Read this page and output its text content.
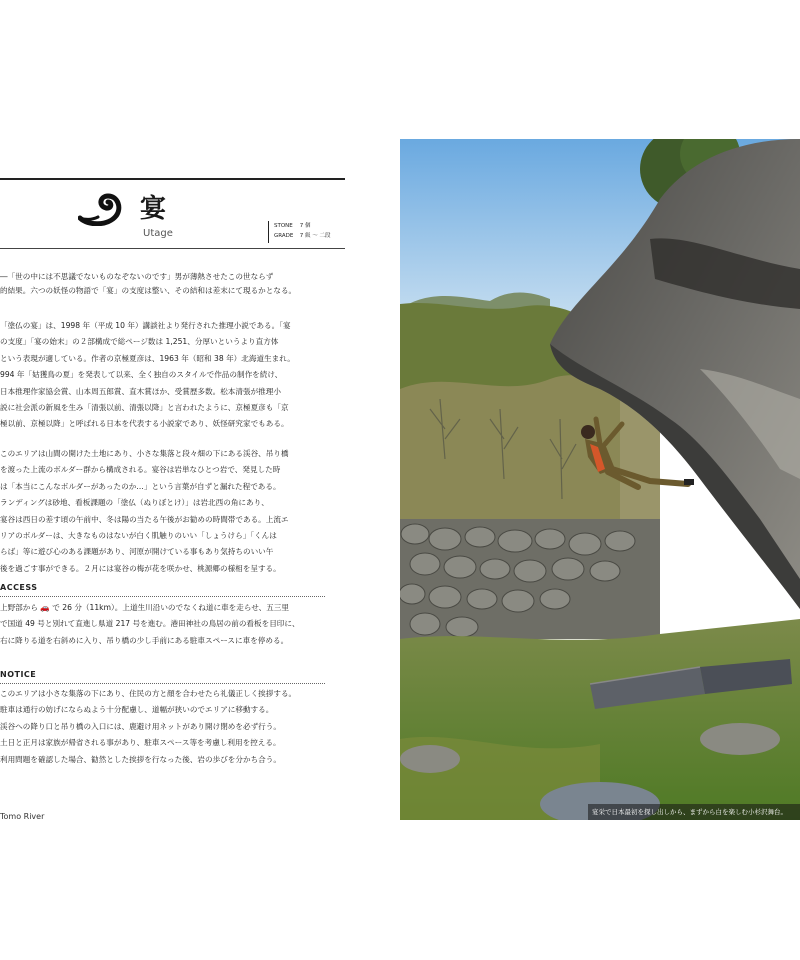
宴
Utage
STONE 7 個
GRADE 7 級 ～ 二段

―「世の中には不思議でないものなぞないのです」男が薄熱させたこの世ならず

的結果。六つの妖怪の物語で「宴」の支度は整い、その結和は差末にて現るかとなる。

「塗仏の宴」は、1998 年（平成 10 年）講談社より発行された推理小説である。「宴

の支度」「宴の始末」の２部構成で総ページ数は 1,251、分厚いというより直方体

という表現が適している。作者の京極夏彦は、1963 年（昭和 38 年）北海道生まれ。

994 年「姑獲鳥の夏」を発表して以来、全く独自のスタイルで作品の制作を続け、

日本推理作家協会賞、山本周五郎賞、直木賞ほか、受賞歴多数。松本清張が推理小

説に社会派の新風を生み「清張以前、清張以降」と言われたように、京極夏彦も「京

極以前、京極以降」と呼ばれる日本を代表する小説家であり、妖怪研究家でもある。

このエリアは山間の開けた土地にあり、小さな集落と段々畑の下にある渓谷、吊り橋

を渡った上流のボルダー群から構成される。宴谷は岩単なひとつ岩で、発見した時

は「本当にこんなボルダーがあったのか…」という言葉が自ずと漏れた程である。

ランディングは砂地、看板課題の「塗仏（ぬりぼとけ）」は岩北西の角にあり、

宴谷は西日の差す頃の午前中、冬は陽の当たる午後がお勧めの時間帯である。上流エ

リアのボルダーは、大きなものはないが白く肌触りのいい「しょうけら」「くんは

らば」等に遊び心のある課題があり、河原が開けている事もあり気持ちのいい午

後を過ごす事ができる。２月には宴谷の梅が花を咲かせ、桃源郷の様相を呈する。

ACCESS

上野部から 🚗 で 26 分（11km）。上道生川沿いのでなくね道に車を走らせ、五三里

で国道 49 号と別れて直進し県道 217 号を進む。港田神社の鳥居の前の看板を目印に、

右に降りる道を右斜めに入り、吊り橋の少し手前にある駐車スペースに車を停める。

NOTICE

このエリアは小さな集落の下にあり、住民の方と顔を合わせたら礼儀正しく挨拶する。

駐車は通行の妨げにならぬよう十分配慮し、道幅が狭いのでエリアに移動する。

渓谷への降り口と吊り橋の入口には、鹿避け用ネットがあり開け閉めを必ず行う。

土日と正月は家族が帰省される事があり、駐車スペース等を考慮し利用を控える。

利用問題を確認した場合、勧然とした挨拶を行なった後、岩の歩びを分かち合う。

Tomo River	宴栄で日本最初を探し出しから、まずから白を楽しむ小杉沢舞台。
